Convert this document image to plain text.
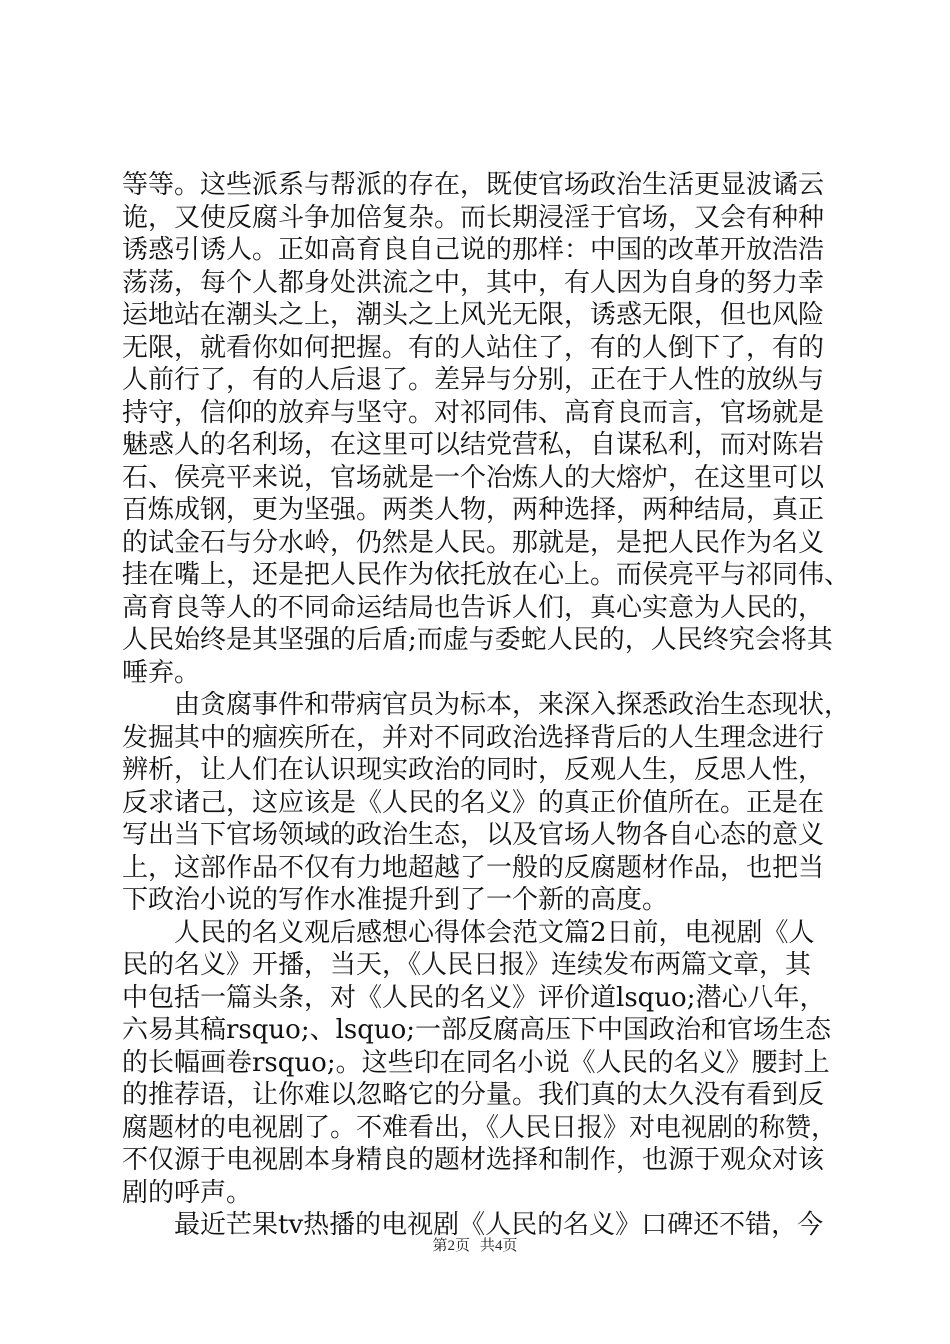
等等。这些派系与帮派的存在，既使官场政治生活更显波谲云
诡，又使反腐斗争加倍复杂。而长期浸淫于官场，又会有种种
诱惑引诱人。正如高育良自己说的那样：中国的改革开放浩浩
荡荡，每个人都身处洪流之中，其中，有人因为自身的努力幸
运地站在潮头之上，潮头之上风光无限，诱惑无限，但也风险
无限，就看你如何把握。有的人站住了，有的人倒下了，有的
人前行了，有的人后退了。差异与分别，正在于人性的放纵与
持守，信仰的放弃与坚守。对祁同伟、高育良而言，官场就是
魅惑人的名利场，在这里可以结党营私，自谋私利，而对陈岩
石、侯亮平来说，官场就是一个冶炼人的大熔炉，在这里可以
百炼成钢，更为坚强。两类人物，两种选择，两种结局，真正
的试金石与分水岭，仍然是人民。那就是，是把人民作为名义
挂在嘴上，还是把人民作为依托放在心上。而侯亮平与祁同伟、
高育良等人的不同命运结局也告诉人们，真心实意为人民的，
人民始终是其坚强的后盾;而虚与委蛇人民的，人民终究会将其
唾弃。
　　由贪腐事件和带病官员为标本，来深入探悉政治生态现状，
发掘其中的痼疾所在，并对不同政治选择背后的人生理念进行
辨析，让人们在认识现实政治的同时，反观人生，反思人性，
反求诸己，这应该是《人民的名义》的真正价值所在。正是在
写出当下官场领域的政治生态，以及官场人物各自心态的意义
上，这部作品不仅有力地超越了一般的反腐题材作品，也把当
下政治小说的写作水准提升到了一个新的高度。
　　人民的名义观后感想心得体会范文篇2日前，电视剧《人
民的名义》开播，当天，《人民日报》连续发布两篇文章，其
中包括一篇头条，对《人民的名义》评价道lsquo;潜心八年，
六易其稿rsquo;、lsquo;一部反腐高压下中国政治和官场生态
的长幅画卷rsquo;。这些印在同名小说《人民的名义》腰封上
的推荐语，让你难以忽略它的分量。我们真的太久没有看到反
腐题材的电视剧了。不难看出，《人民日报》对电视剧的称赞，
不仅源于电视剧本身精良的题材选择和制作，也源于观众对该
剧的呼声。
　　最近芒果tv热播的电视剧《人民的名义》口碑还不错，今
第2页 共4页
